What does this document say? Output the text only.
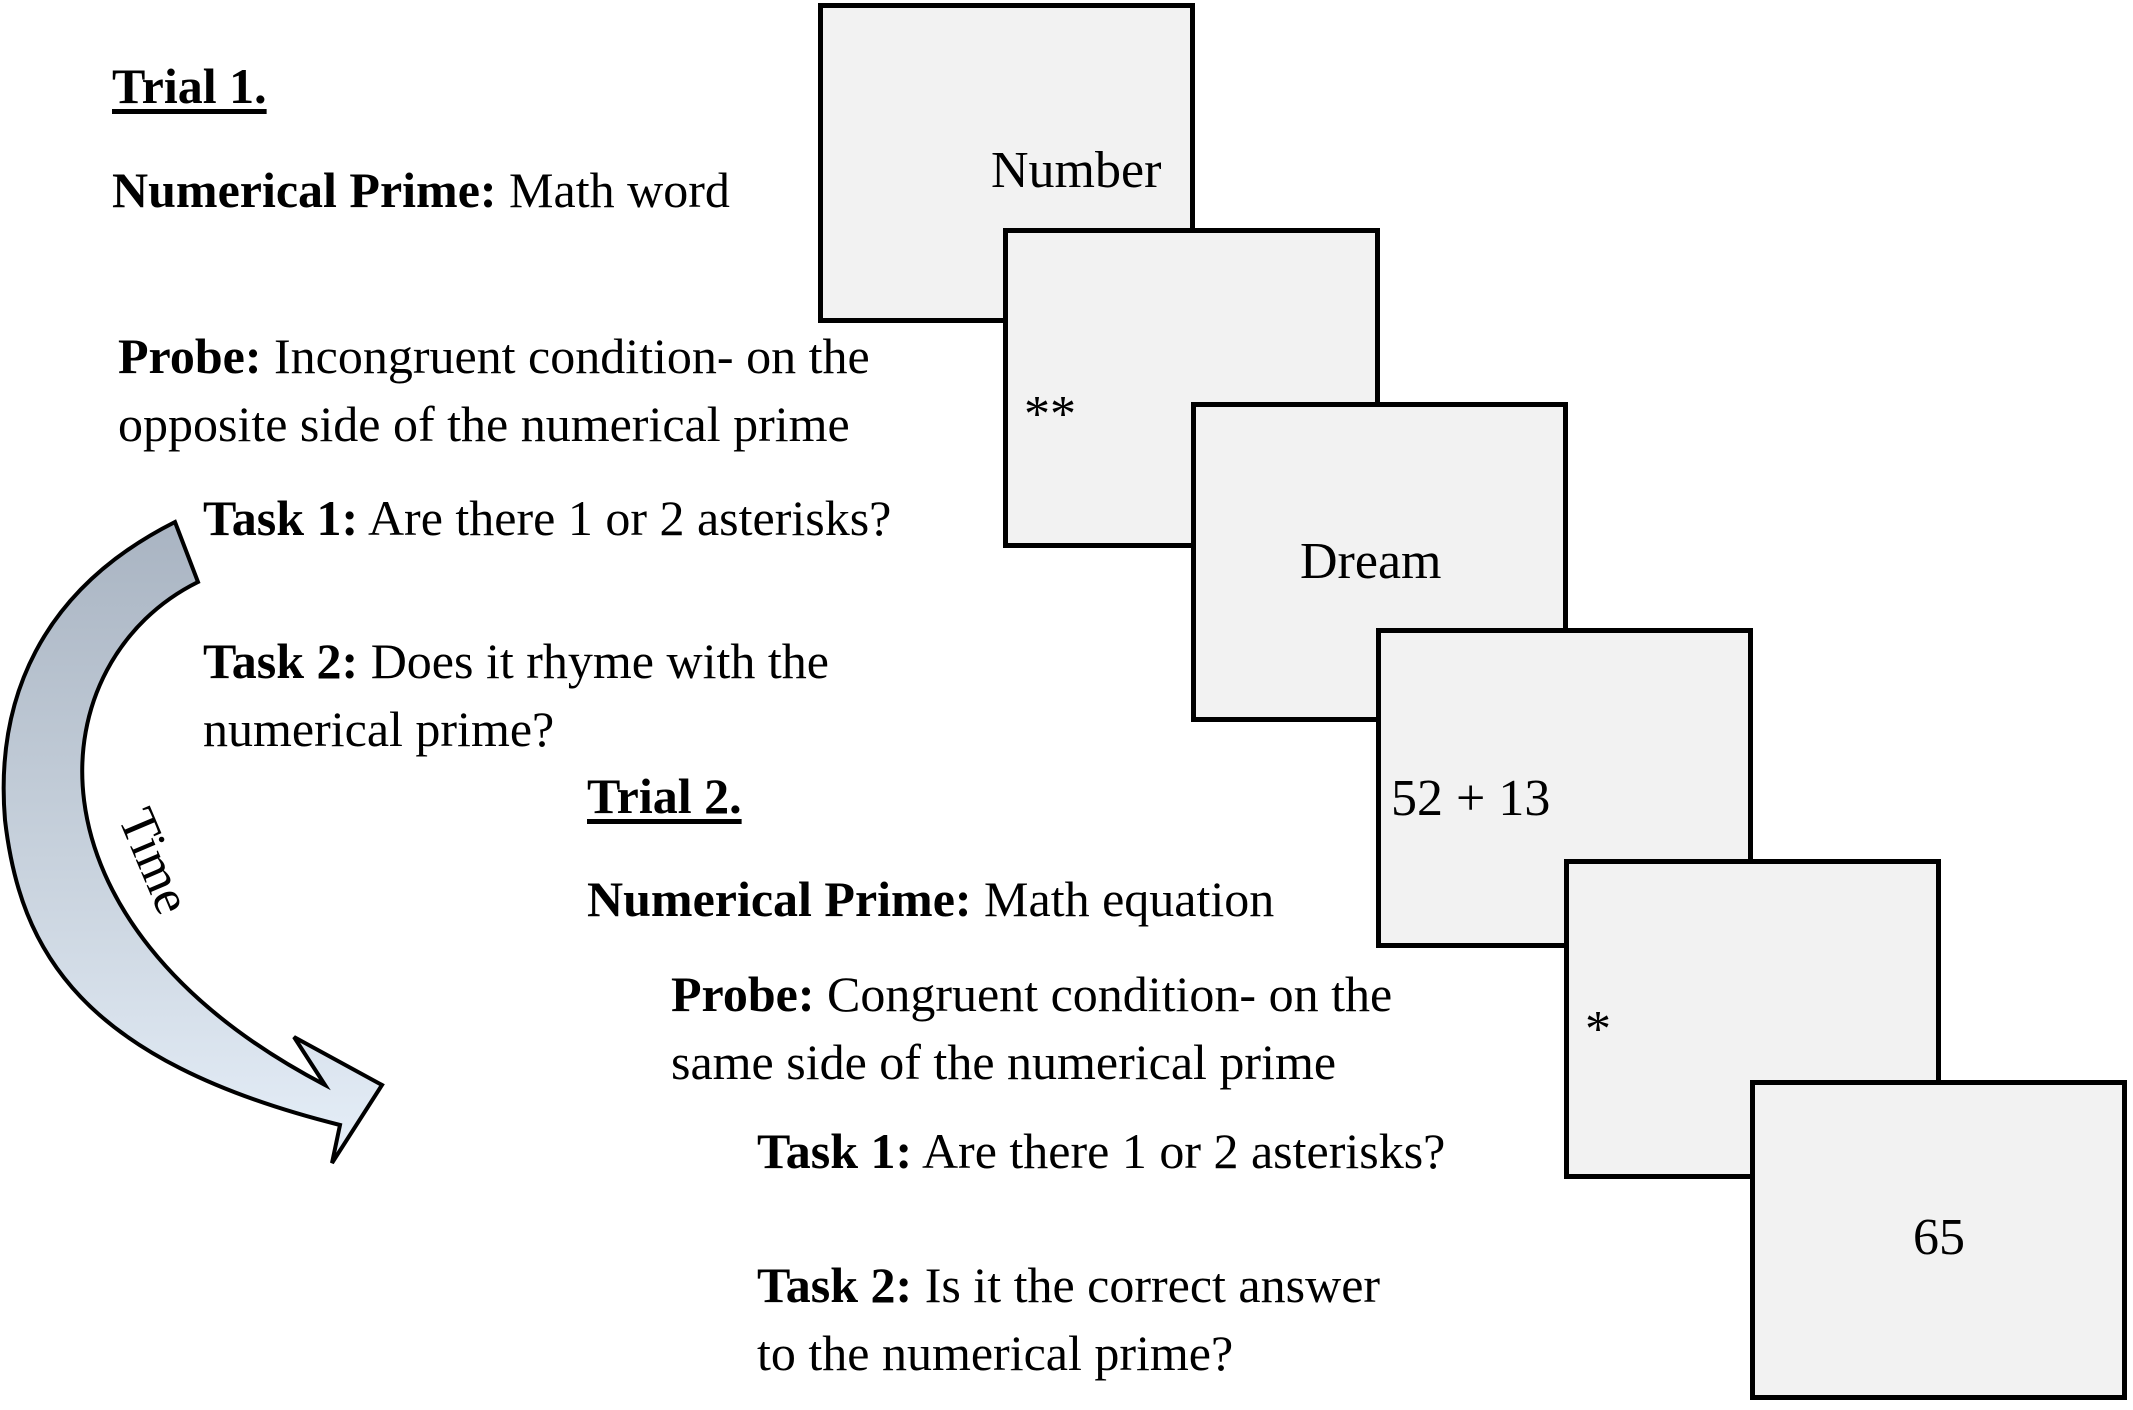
Time
Trial 1.
Numerical Prime: Math word
Probe: Incongruent condition- on the
opposite side of the numerical prime
Task 1: Are there 1 or 2 asterisks?
Task 2: Does it rhyme with the
numerical prime?
Trial 2.
Numerical Prime: Math equation
Probe: Congruent condition- on the
same side of the numerical prime
Task 1: Are there 1 or 2 asterisks?
Task 2: Is it the correct answer
to the numerical prime?
Number
**
Dream
52 + 13
*
65
